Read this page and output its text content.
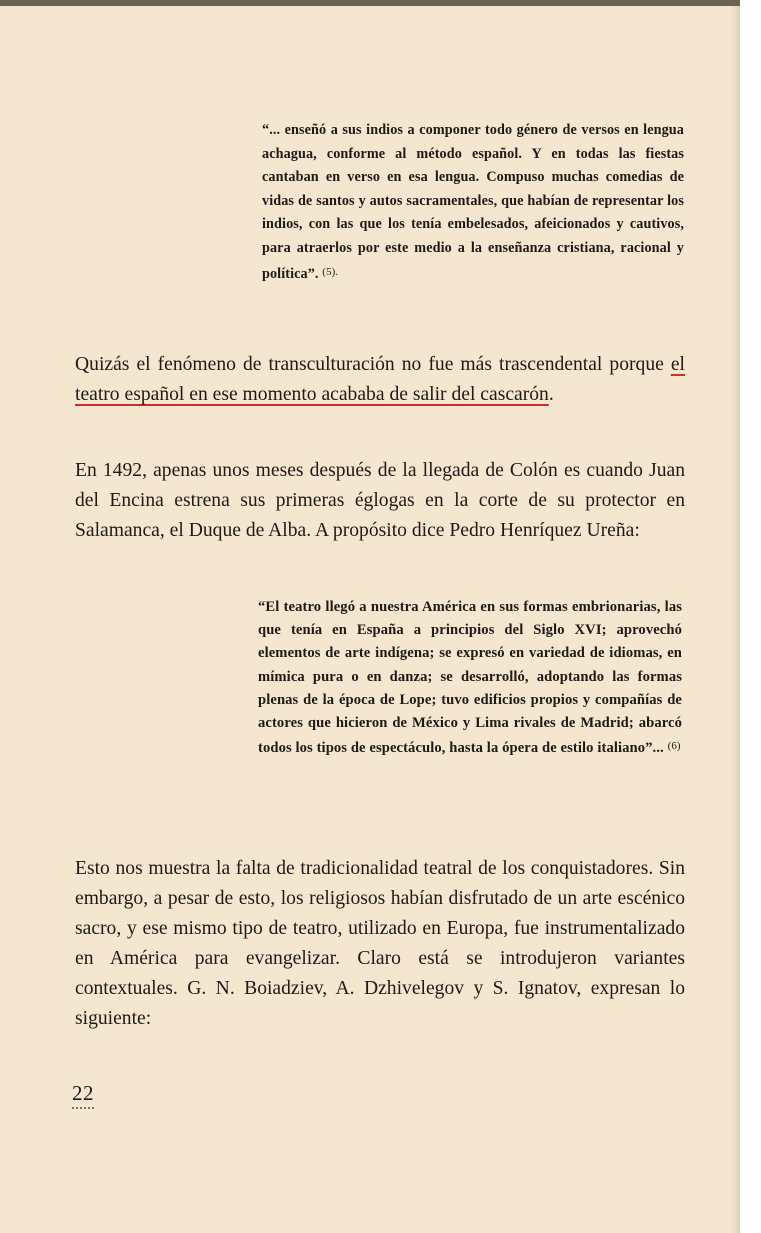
“... enseñó a sus indios a componer todo género de versos en lengua achagua, conforme al método español. Y en todas las fiestas cantaban en verso en esa lengua. Compuso muchas comedias de vidas de santos y autos sacramentales, que habían de representar los indios, con las que los tenía embelesados, afeicionados y cautivos, para atraerlos por este medio a la enseñanza cristiana, racional y política”. $^{(5).}$
Quizás el fenómeno de transculturación no fue más trascendental porque el teatro español en ese momento acababa de salir del cascarón.
En 1492, apenas unos meses después de la llegada de Colón es cuando Juan del Encina estrena sus primeras églogas en la corte de su protector en Salamanca, el Duque de Alba. A propósito dice Pedro Henríquez Ureña:
“El teatro llegó a nuestra América en sus formas embrionarias, las que tenía en España a principios del Siglo XVI; aprovechó elementos de arte indígena; se expresó en variedad de idiomas, en mímica pura o en danza; se desarrolló, adoptando las formas plenas de la época de Lope; tuvo edificios propios y compañías de actores que hicieron de México y Lima rivales de Madrid; abarcó todos los tipos de espectáculo, hasta la ópera de estilo italiano”... $^{(6)}$
Esto nos muestra la falta de tradicionalidad teatral de los conquistadores. Sin embargo, a pesar de esto, los religiosos habían disfrutado de un arte escénico sacro, y ese mismo tipo de teatro, utilizado en Europa, fue instrumentalizado en América para evangelizar. Claro está se introdujeron variantes contextuales. G. N. Boiadziev, A. Dzhivelegov y S. Ignatov, expresan lo siguiente:
22
